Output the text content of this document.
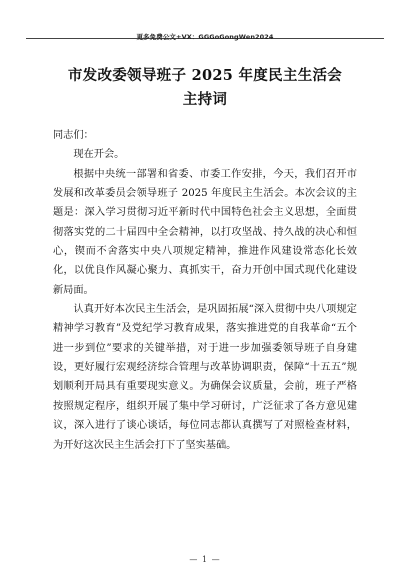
更多免费公文+VX：GGGoGongWen2024
市发改委领导班子 2025 年度民主生活会
主持词

同志们：

现在开会。

根据中央统一部署和省委、市委工作安排，今天，我们召开市发展和改革委员会领导班子 2025 年度民主生活会。本次会议的主题是：深入学习贯彻习近平新时代中国特色社会主义思想，全面贯彻落实党的二十届四中全会精神，以打攻坚战、持久战的决心和恒心，锲而不舍落实中央八项规定精神，推进作风建设常态化长效化，以优良作风凝心聚力、真抓实干，奋力开创中国式现代化建设新局面。

认真开好本次民主生活会，是巩固拓展“深入贯彻中央八项规定精神学习教育”及党纪学习教育成果，落实推进党的自我革命“五个进一步到位”要求的关键举措，对于进一步加强委领导班子自身建设，更好履行宏观经济综合管理与改革协调职责，保障“十五五”规划顺利开局具有重要现实意义。为确保会议质量，会前，班子严格按照规定程序，组织开展了集中学习研讨，广泛征求了各方意见建议，深入进行了谈心谈话，每位同志都认真撰写了对照检查材料，为开好这次民主生活会打下了坚实基础。

— 1 —
